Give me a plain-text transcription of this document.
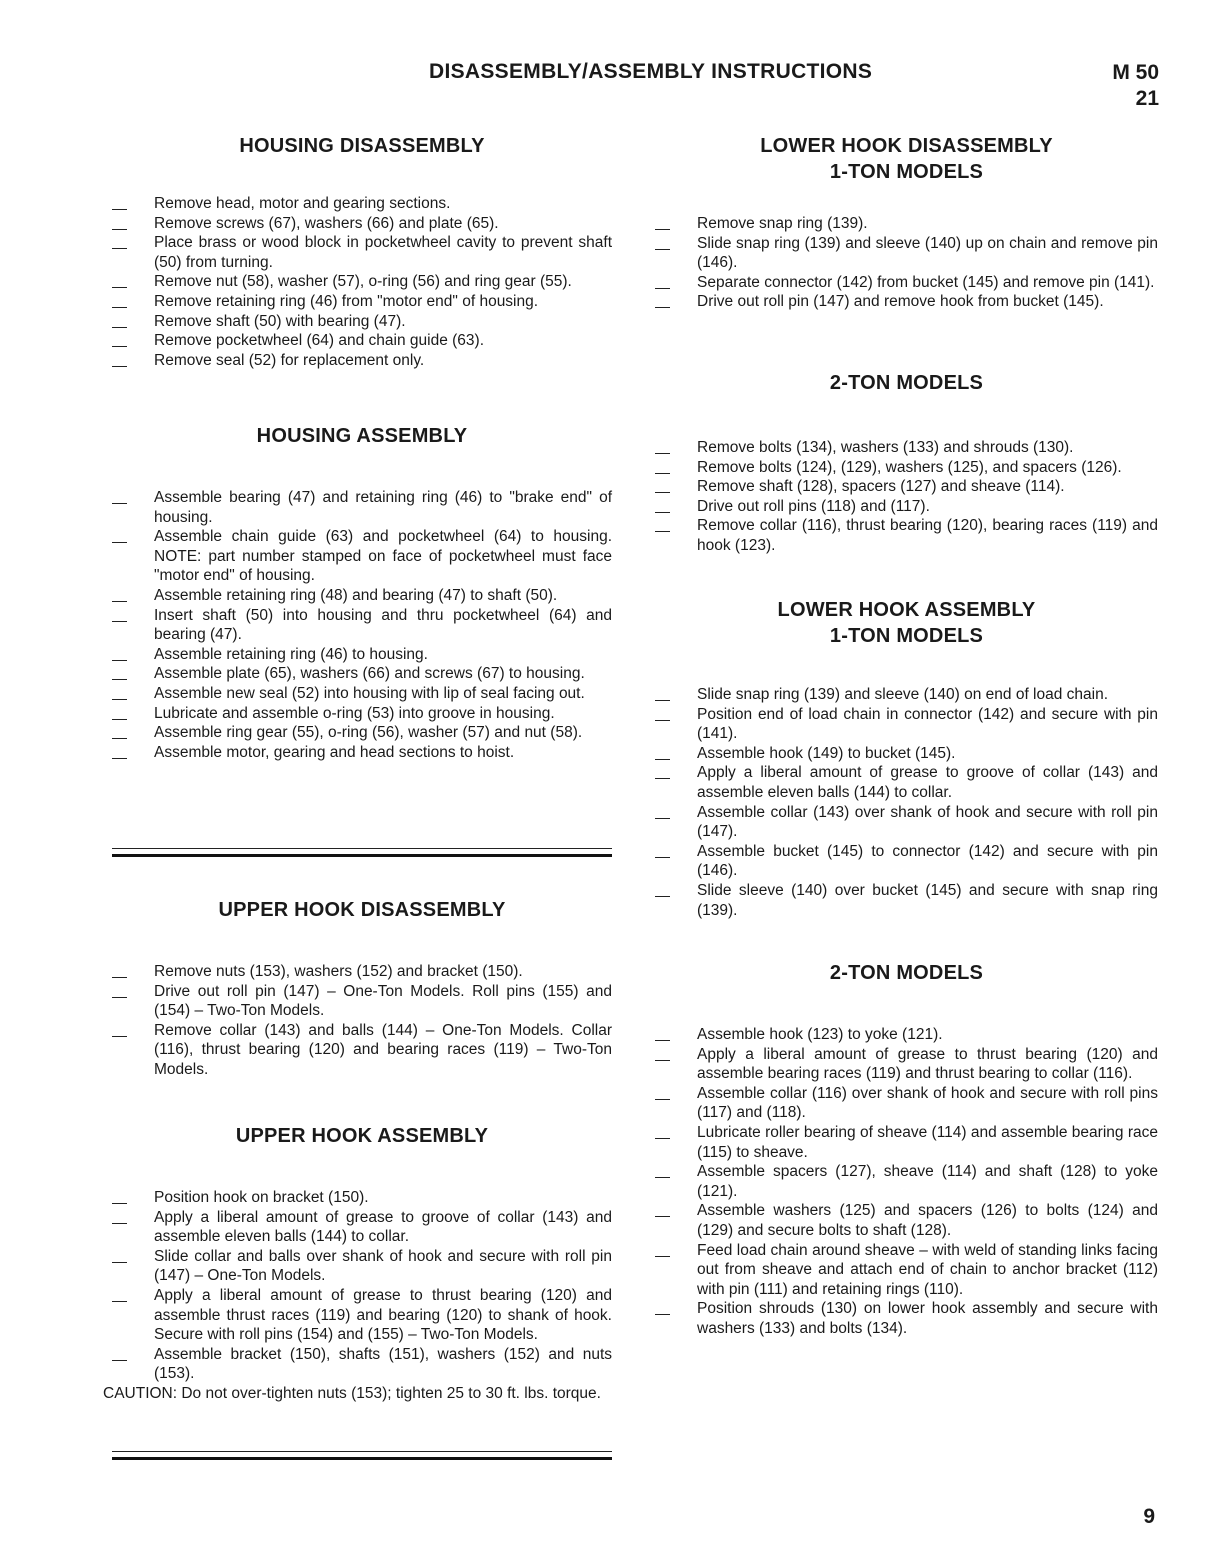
DISASSEMBLY/ASSEMBLY INSTRUCTIONS	M 50
21
HOUSING DISASSEMBLY
Remove head, motor and gearing sections.
Remove screws (67), washers (66) and plate (65).
Place brass or wood block in pocketwheel cavity to prevent shaft (50) from turning.
Remove nut (58), washer (57), o-ring (56) and ring gear (55).
Remove retaining ring (46) from "motor end" of housing.
Remove shaft (50) with bearing (47).
Remove pocketwheel (64) and chain guide (63).
Remove seal (52) for replacement only.
HOUSING ASSEMBLY
Assemble bearing (47) and retaining ring (46) to "brake end" of housing.
Assemble chain guide (63) and pocketwheel (64) to housing. NOTE: part number stamped on face of pocketwheel must face "motor end" of housing.
Assemble retaining ring (48) and bearing (47) to shaft (50).
Insert shaft (50) into housing and thru pocketwheel (64) and bearing (47).
Assemble retaining ring (46) to housing.
Assemble plate (65), washers (66) and screws (67) to housing.
Assemble new seal (52) into housing with lip of seal facing out.
Lubricate and assemble o-ring (53) into groove in housing.
Assemble ring gear (55), o-ring (56), washer (57) and nut (58).
Assemble motor, gearing and head sections to hoist.
UPPER HOOK DISASSEMBLY
Remove nuts (153), washers (152) and bracket (150).
Drive out roll pin (147) – One-Ton Models. Roll pins (155) and (154) – Two-Ton Models.
Remove collar (143) and balls (144) – One-Ton Models. Collar (116), thrust bearing (120) and bearing races (119) – Two-Ton Models.
UPPER HOOK ASSEMBLY
Position hook on bracket (150).
Apply a liberal amount of grease to groove of collar (143) and assemble eleven balls (144) to collar.
Slide collar and balls over shank of hook and secure with roll pin (147) – One-Ton Models.
Apply a liberal amount of grease to thrust bearing (120) and assemble thrust races (119) and bearing (120) to shank of hook. Secure with roll pins (154) and (155) – Two-Ton Models.
Assemble bracket (150), shafts (151), washers (152) and nuts (153).
CAUTION: Do not over-tighten nuts (153); tighten 25 to 30 ft. lbs. torque.
LOWER HOOK DISASSEMBLY
1-TON MODELS
Remove snap ring (139).
Slide snap ring (139) and sleeve (140) up on chain and remove pin (146).
Separate connector (142) from bucket (145) and remove pin (141).
Drive out roll pin (147) and remove hook from bucket (145).
2-TON MODELS
Remove bolts (134), washers (133) and shrouds (130).
Remove bolts (124), (129), washers (125), and spacers (126).
Remove shaft (128), spacers (127) and sheave (114).
Drive out roll pins (118) and (117).
Remove collar (116), thrust bearing (120), bearing races (119) and hook (123).
LOWER HOOK ASSEMBLY
1-TON MODELS
Slide snap ring (139) and sleeve (140) on end of load chain.
Position end of load chain in connector (142) and secure with pin (141).
Assemble hook (149) to bucket (145).
Apply a liberal amount of grease to groove of collar (143) and assemble eleven balls (144) to collar.
Assemble collar (143) over shank of hook and secure with roll pin (147).
Assemble bucket (145) to connector (142) and secure with pin (146).
Slide sleeve (140) over bucket (145) and secure with snap ring (139).
2-TON MODELS
Assemble hook (123) to yoke (121).
Apply a liberal amount of grease to thrust bearing (120) and assemble bearing races (119) and thrust bearing to collar (116).
Assemble collar (116) over shank of hook and secure with roll pins (117) and (118).
Lubricate roller bearing of sheave (114) and assemble bearing race (115) to sheave.
Assemble spacers (127), sheave (114) and shaft (128) to yoke (121).
Assemble washers (125) and spacers (126) to bolts (124) and (129) and secure bolts to shaft (128).
Feed load chain around sheave – with weld of standing links facing out from sheave and attach end of chain to anchor bracket (112) with pin (111) and retaining rings (110).
Position shrouds (130) on lower hook assembly and secure with washers (133) and bolts (134).
9
